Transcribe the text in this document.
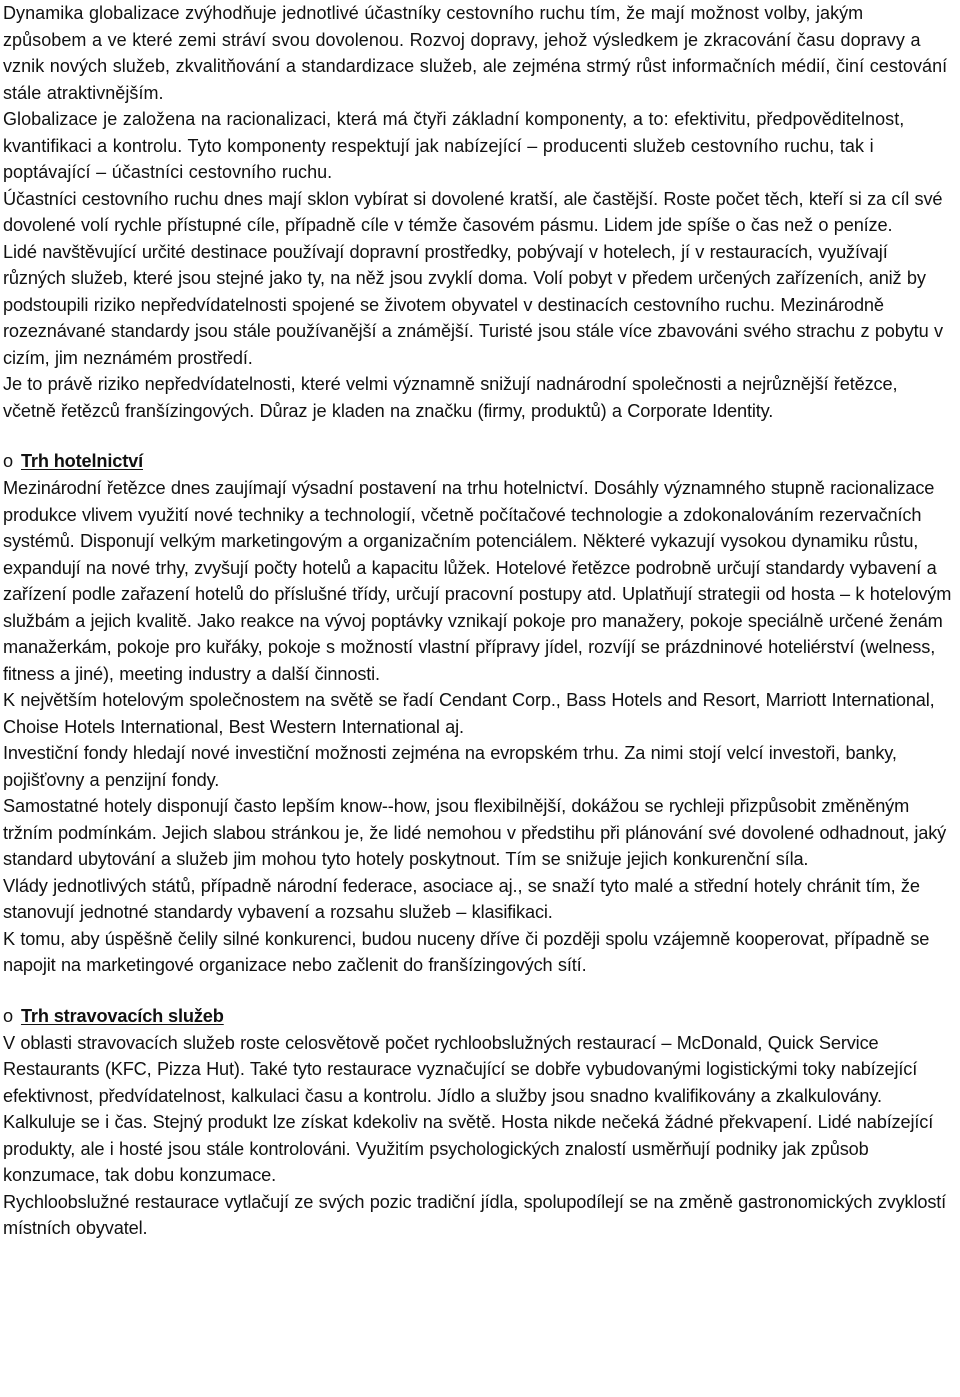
Dynamika globalizace zvýhodňuje jednotlivé účastníky cestovního ruchu tím, že mají možnost volby, jakým způsobem a ve které zemi stráví svou dovolenou. Rozvoj dopravy, jehož výsledkem je zkracování času dopravy a vznik nových služeb, zkvalitňování a standardizace služeb, ale zejména strmý růst informačních médií, činí cestování stále atraktivnějším.

Globalizace je založena na racionalizaci, která má čtyři základní komponenty, a to: efektivitu, předpověditelnost, kvantifikaci a kontrolu. Tyto komponenty respektují jak nabízející – producenti služeb cestovního ruchu, tak i poptávající – účastníci cestovního ruchu.

Účastníci cestovního ruchu dnes mají sklon vybírat si dovolené kratší, ale častější. Roste počet těch, kteří si za cíl své dovolené volí rychle přístupné cíle, případně cíle v témže časovém pásmu. Lidem jde spíše o čas než o peníze.

Lidé navštěvující určité destinace používají dopravní prostředky, pobývají v hotelech, jí v restauracích, využívají různých služeb, které jsou stejné jako ty, na něž jsou zvyklí doma. Volí pobyt v předem určených zařízeních, aniž by podstoupili riziko nepředvídatelnosti spojené se životem obyvatel v destinacích cestovního ruchu. Mezinárodně rozeznávané standardy jsou stále používanější a známější. Turisté jsou stále více zbavováni svého strachu z pobytu v cizím, jim neznámém prostředí.

Je to právě riziko nepředvídatelnosti, které velmi významně snižují nadnárodní společnosti a nejrůznější řetězce, včetně řetězců franšízingových. Důraz je kladen na značku (firmy, produktů) a Corporate Identity.

o Trh hotelnictví

Mezinárodní řetězce dnes zaujímají výsadní postavení na trhu hotelnictví. Dosáhly významného stupně racionalizace produkce vlivem využití nové techniky a technologií, včetně počítačové technologie a zdokonalováním rezervačních systémů. Disponují velkým marketingovým a organizačním potenciálem. Některé vykazují vysokou dynamiku růstu, expandují na nové trhy, zvyšují počty hotelů a kapacitu lůžek. Hotelové řetězce podrobně určují standardy vybavení a zařízení podle zařazení hotelů do příslušné třídy, určují pracovní postupy atd. Uplatňují strategii od hosta – k hotelovým službám a jejich kvalitě. Jako reakce na vývoj poptávky vznikají pokoje pro manažery, pokoje speciálně určené ženám manažerkám, pokoje pro kuřáky, pokoje s možností vlastní přípravy jídel, rozvíjí se prázdninové hoteliérství (welness, fitness a jiné), meeting industry a další činnosti.

K největším hotelovým společnostem na světě se řadí Cendant Corp., Bass Hotels and Resort, Marriott International, Choise Hotels International, Best Western International aj.

Investiční fondy hledají nové investiční možnosti zejména na evropském trhu. Za nimi stojí velcí investoři, banky, pojišťovny a penzijní fondy.

Samostatné hotely disponují často lepším know--how, jsou flexibilnější, dokážou se rychleji přizpůsobit změněným tržním podmínkám. Jejich slabou stránkou je, že lidé nemohou v předstihu při plánování své dovolené odhadnout, jaký standard ubytování a služeb jim mohou tyto hotely poskytnout. Tím se snižuje jejich konkurenční síla.

Vlády jednotlivých států, případně národní federace, asociace aj., se snaží tyto malé a střední hotely chránit tím, že stanovují jednotné standardy vybavení a rozsahu služeb – klasifikaci.

K tomu, aby úspěšně čelily silné konkurenci, budou nuceny dříve či později spolu vzájemně kooperovat, případně se napojit na marketingové organizace nebo začlenit do franšízingových sítí.

o Trh stravovacích služeb

V oblasti stravovacích služeb roste celosvětově počet rychloobslužných restaurací – McDonald, Quick Service Restaurants (KFC, Pizza Hut). Také tyto restaurace vyznačující se dobře vybudovanými logistickými toky nabízející efektivnost, předvídatelnost, kalkulaci času a kontrolu. Jídlo a služby jsou snadno kvalifikovány a zkalkulovány. Kalkuluje se i čas. Stejný produkt lze získat kdekoliv na světě. Hosta nikde nečeká žádné překvapení. Lidé nabízející produkty, ale i hosté jsou stále kontrolováni. Využitím psychologických znalostí usměrňují podniky jak způsob konzumace, tak dobu konzumace.

Rychloobslužné restaurace vytlačují ze svých pozic tradiční jídla, spolupodílejí se na změně gastronomických zvyklostí místních obyvatel.
